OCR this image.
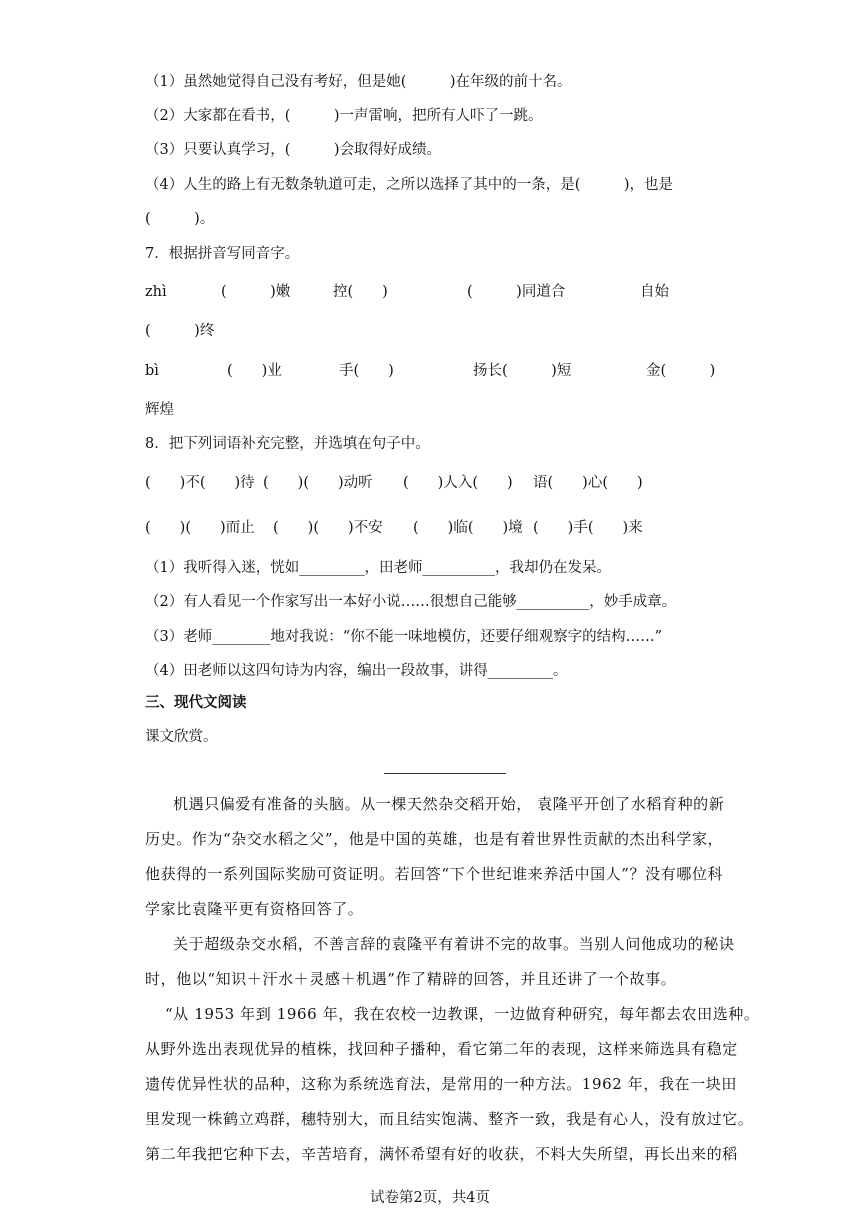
（1）虽然她觉得自己没有考好，但是她(　　　)在年级的前十名。
（2）大家都在看书，(　　　)一声雷响，把所有人吓了一跳。
（3）只要认真学习，(　　　)会取得好成绩。
（4）人生的路上有无数条轨道可走，之所以选择了其中的一条，是(　　　)，也是
(　　　)。
7．根据拼音写同音字。
zhì	(　　　)嫩	控(　　)	(　　　)同道合	自始
(　　　)终
bì	(　　)业	手(　　)	扬长(　　　)短	金(　　　)
辉煌
8．把下列词语补充完整，并选填在句子中。
(　　)不(　　)待 (　　)(　　)动听 (　　)人入(　　) 语(　　)心(　　)
(　　)(　　)而止 (　　)(　　)不安 (　　)临(　　)境 (　　)手(　　)来
（1）我听得入迷，恍如_________，田老师__________，我却仍在发呆。
（2）有人看见一个作家写出一本好小说……很想自己能够__________，妙手成章。
（3）老师________地对我说：“你不能一味地模仿，还要仔细观察字的结构……”
（4）田老师以这四句诗为内容，编出一段故事，讲得_________。
三、现代文阅读
课文欣赏。
机遇只偏爱有准备的头脑。从一棵天然杂交稻开始， 袁隆平开创了水稻育种的新
历史。作为“杂交水稻之父”，他是中国的英雄，也是有着世界性贡献的杰出科学家，
他获得的一系列国际奖励可资证明。若回答“下个世纪谁来养活中国人”？没有哪位科
学家比袁隆平更有资格回答了。
关于超级杂交水稻，不善言辞的袁隆平有着讲不完的故事。当别人问他成功的秘诀
时，他以“知识＋汗水＋灵感＋机遇”作了精辟的回答，并且还讲了一个故事。
“从 1953 年到 1966 年，我在农校一边教课，一边做育种研究，每年都去农田选种。
从野外选出表现优异的植株，找回种子播种，看它第二年的表现，这样来筛选具有稳定
遗传优异性状的品种，这称为系统选育法，是常用的一种方法。1962 年，我在一块田
里发现一株鹤立鸡群，穗特别大，而且结实饱满、整齐一致，我是有心人，没有放过它。
第二年我把它种下去，辛苦培育，满怀希望有好的收获，不料大失所望，再长出来的稻
试卷第2页，共4页
